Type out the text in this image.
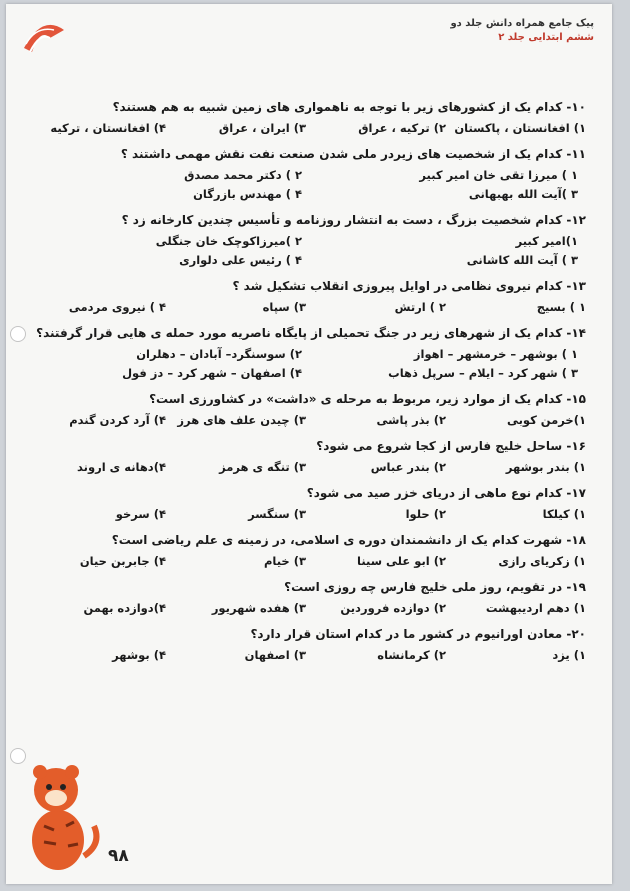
پیک جامع همراه دانش جلد دو
ششم ابتدایی جلد ۲
۱۰- کدام یک از کشورهای زیر با توجه به ناهمواری های زمین شبیه به هم هستند؟
۱) افغانستان ، پاکستان
۲) ترکیه ، عراق
۳) ایران ، عراق
۴) افغانستان ، ترکیه
۱۱- کدام یک از شخصیت های زیردر ملی شدن صنعت نفت نقش مهمی داشتند ؟
۱ ) میرزا تقی خان امیر کبیر
۲ ) دکتر محمد مصدق
۳ )آیت الله بهبهانی
۴ ) مهندس بازرگان
۱۲- کدام شخصیت بزرگ ، دست به انتشار روزنامه و تأسیس چندین کارخانه زد ؟
۱)امیر کبیر
۲ )میرزاکوچک خان جنگلی
۳ ) آیت الله کاشانی
۴ ) رئیس علی دلواری
۱۳- کدام نیروی نظامی در اوایل پیروزی انقلاب تشکیل شد ؟
۱ ) بسیج
۲ ) ارتش
۳) سپاه
۴ ) نیروی مردمی
۱۴- کدام یک از شهرهای زیر در جنگ تحمیلی از پایگاه ناصریه مورد حمله ی هایی قرار گرفتند؟
۱ ) بوشهر – خرمشهر – اهواز
۲) سوسنگرد– آبادان – دهلران
۳ ) شهر کرد – ایلام – سرپل ذهاب
۴) اصفهان – شهر کرد – دز فول
۱۵- کدام یک از موارد زیر، مربوط به مرحله ی «داشت» در کشاورزی است؟
۱)خرمن کوبی
۲) بذر پاشی
۳) چیدن علف های هرز
۴) آرد کردن گندم
۱۶- ساحل خلیج فارس از کجا شروع می شود؟
۱) بندر بوشهر
۲) بندر عباس
۳) تنگه ی هرمز
۴)دهانه ی اروند
۱۷- کدام نوع ماهی از دریای خزر صید می شود؟
۱) کیلکا
۲) حلوا
۳) سنگسر
۴) سرخو
۱۸- شهرت کدام یک از دانشمندان دوره ی اسلامی، در زمینه ی علم ریاضی است؟
۱) زکریای رازی
۲) ابو علی سینا
۳) خیام
۴) جابربن حیان
۱۹- در تقویم، روز ملی خلیج فارس چه روزی است؟
۱) دهم اردیبهشت
۲) دوازده فروردین
۳) هفده شهریور
۴)دوازده بهمن
۲۰- معادن اورانیوم در کشور ما در کدام استان قرار دارد؟
۱) یزد
۲) کرمانشاه
۳) اصفهان
۴) بوشهر
۹۸
